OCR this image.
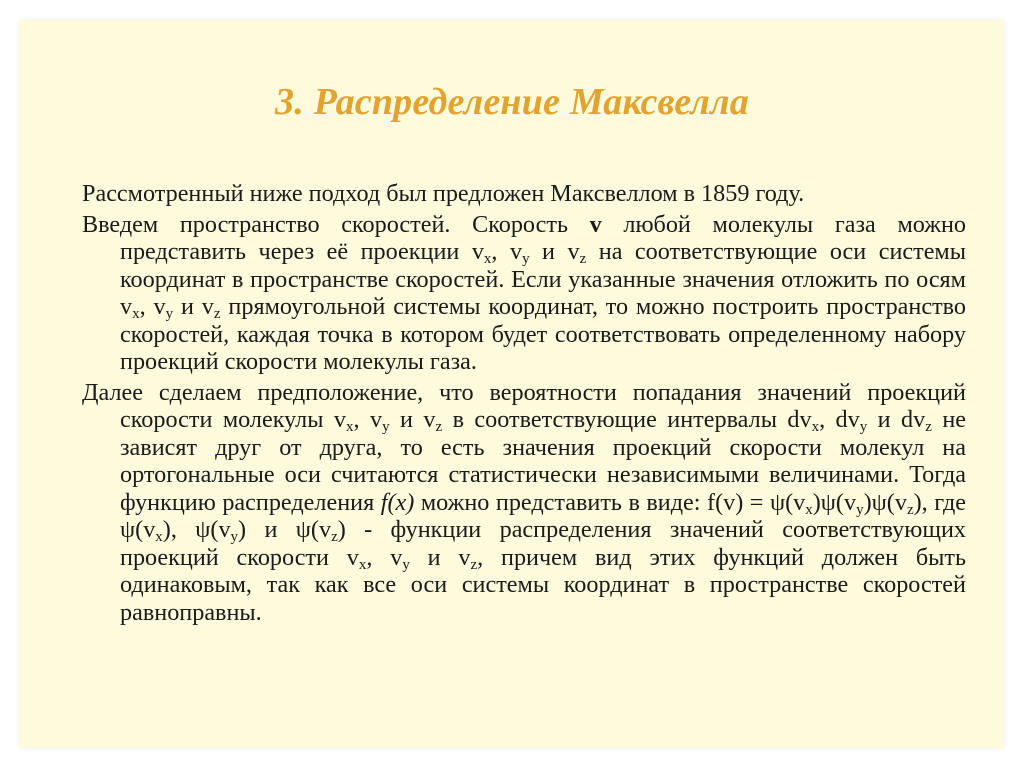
3. Распределение Максвелла

Рассмотренный ниже подход был предложен Максвеллом в 1859 году.

Введем пространство скоростей. Скорость v любой молекулы газа можно представить через её проекции $v_x$, $v_y$ и $v_z$ на соответствующие оси системы координат в пространстве скоростей. Если указанные значения отложить по осям $v_x$, $v_y$ и $v_z$ прямоугольной системы координат, то можно построить пространство скоростей, каждая точка в котором будет соответствовать определенному набору проекций скорости молекулы газа.

Далее сделаем предположение, что вероятности попадания значений проекций скорости молекулы $v_x$, $v_y$ и $v_z$ в соответствующие интервалы $dv_x$, $dv_y$ и $dv_z$ не зависят друг от друга, то есть значения проекций скорости молекул на ортогональные оси считаются статистически независимыми величинами. Тогда функцию распределения f(x) можно представить в виде: $f(v) = \psi(v_x)\psi(v_y)\psi(v_z)$, где $\psi(v_x)$, $\psi(v_y)$ и $\psi(v_z)$ - функции распределения значений соответствующих проекций скорости $v_x$, $v_y$ и $v_z$, причем вид этих функций должен быть одинаковым, так как все оси системы координат в пространстве скоростей равноправны.
